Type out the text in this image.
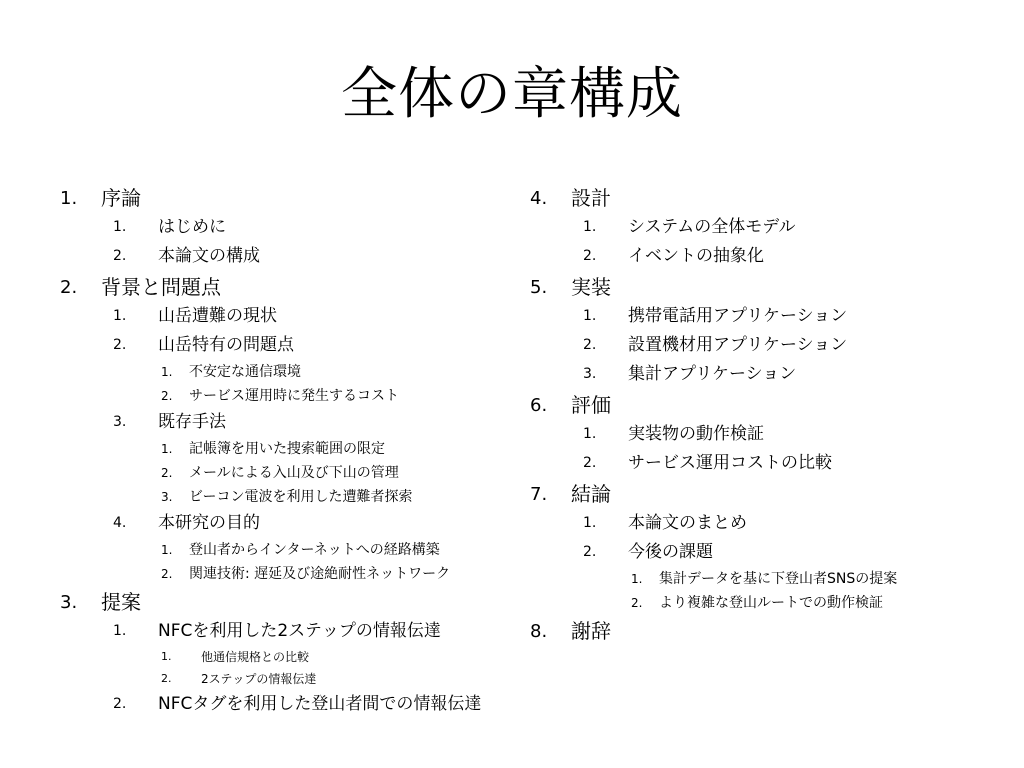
全体の章構成
1. 序論
1. はじめに
2. 本論文の構成
2. 背景と問題点
1. 山岳遭難の現状
2. 山岳特有の問題点
1. 不安定な通信環境
2. サービス運用時に発生するコスト
3. 既存手法
1. 記帳簿を用いた捜索範囲の限定
2. メールによる入山及び下山の管理
3. ビーコン電波を利用した遭難者探索
4. 本研究の目的
1. 登山者からインターネットへの経路構築
2. 関連技術: 遅延及び途絶耐性ネットワーク
3. 提案
1. NFCを利用した2ステップの情報伝達
1. 他通信規格との比較
2. 2ステップの情報伝達
2. NFCタグを利用した登山者間での情報伝達
4. 設計
1. システムの全体モデル
2. イベントの抽象化
5. 実装
1. 携帯電話用アプリケーション
2. 設置機材用アプリケーション
3. 集計アプリケーション
6. 評価
1. 実装物の動作検証
2. サービス運用コストの比較
7. 結論
1. 本論文のまとめ
2. 今後の課題
1. 集計データを基に下登山者SNSの提案
2. より複雑な登山ルートでの動作検証
8. 謝辞
